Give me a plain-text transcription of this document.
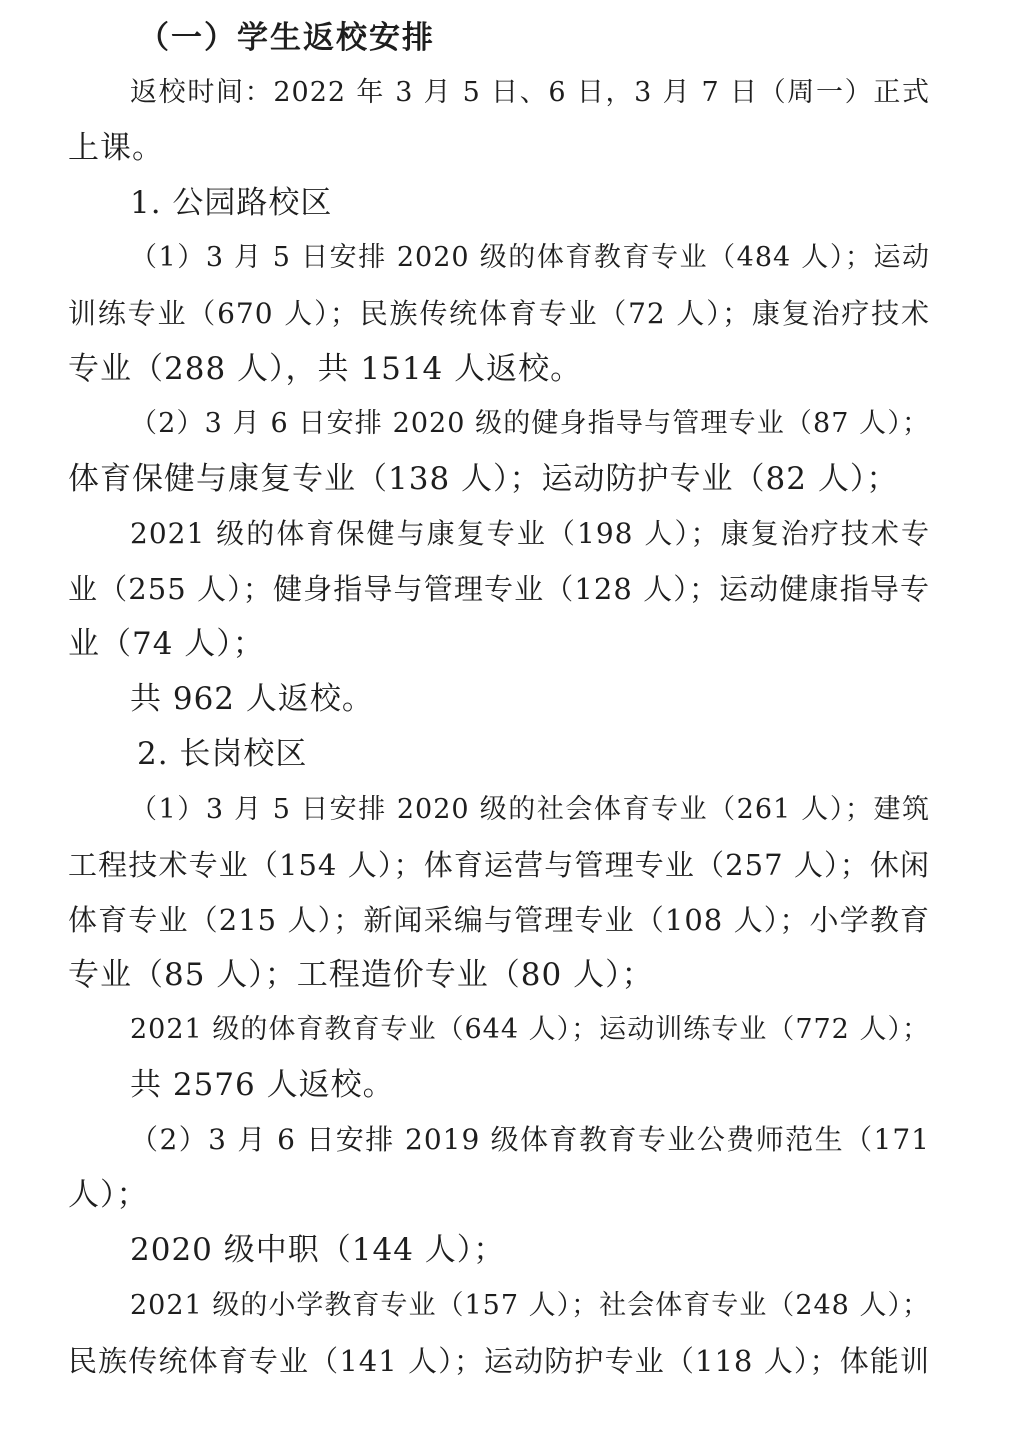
（一）学生返校安排
返校时间：2022 年 3 月 5 日、6 日，3 月 7 日（周一）正式
上课。
1. 公园路校区
（1）3 月 5 日安排 2020 级的体育教育专业（484 人）；运动
训练专业（670 人）；民族传统体育专业（72 人）；康复治疗技术
专业（288 人），共 1514 人返校。
（2）3 月 6 日安排 2020 级的健身指导与管理专业（87 人）；
体育保健与康复专业（138 人）；运动防护专业（82 人）；
2021 级的体育保健与康复专业（198 人）；康复治疗技术专
业（255 人）；健身指导与管理专业（128 人）；运动健康指导专
业（74 人）；
共 962 人返校。
2. 长岗校区
（1）3 月 5 日安排 2020 级的社会体育专业（261 人）；建筑
工程技术专业（154 人）；体育运营与管理专业（257 人）；休闲
体育专业（215 人）；新闻采编与管理专业（108 人）；小学教育
专业（85 人）；工程造价专业（80 人）；
2021 级的体育教育专业（644 人）；运动训练专业（772 人）；
共 2576 人返校。
（2）3 月 6 日安排 2019 级体育教育专业公费师范生（171
人）；
2020 级中职（144 人）；
2021 级的小学教育专业（157 人）；社会体育专业（248 人）；
民族传统体育专业（141 人）；运动防护专业（118 人）；体能训
